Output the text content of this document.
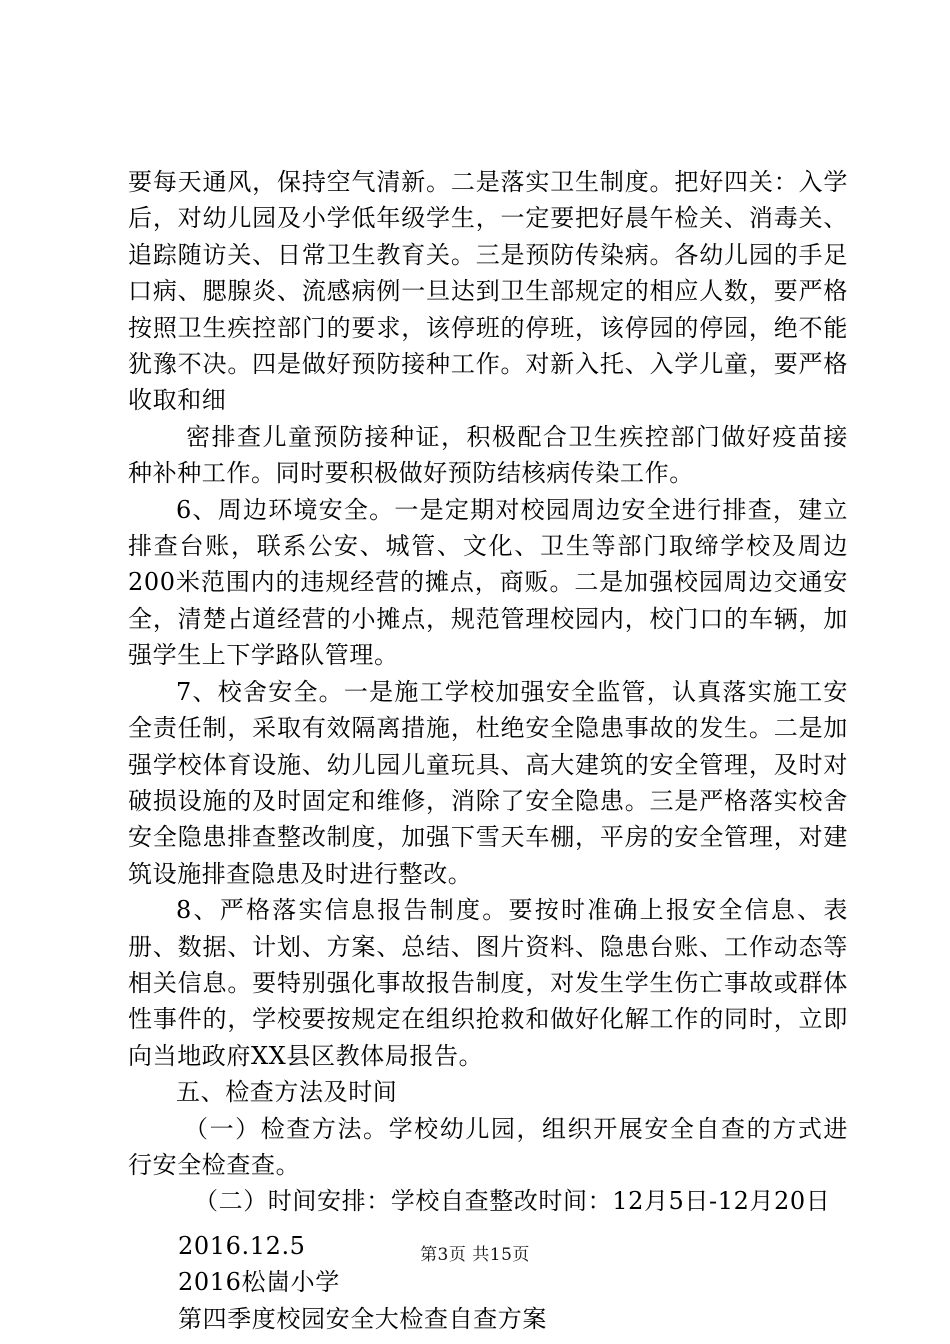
要每天通风，保持空气清新。二是落实卫生制度。把好四关：入学后，对幼儿园及小学低年级学生，一定要把好晨午检关、消毒关、追踪随访关、日常卫生教育关。三是预防传染病。各幼儿园的手足口病、腮腺炎、流感病例一旦达到卫生部规定的相应人数，要严格按照卫生疾控部门的要求，该停班的停班，该停园的停园，绝不能犹豫不决。四是做好预防接种工作。对新入托、入学儿童，要严格收取和细

密排查儿童预防接种证，积极配合卫生疾控部门做好疫苗接种补种工作。同时要积极做好预防结核病传染工作。

6、周边环境安全。一是定期对校园周边安全进行排查，建立排查台账，联系公安、城管、文化、卫生等部门取缔学校及周边200米范围内的违规经营的摊点，商贩。二是加强校园周边交通安全，清楚占道经营的小摊点，规范管理校园内，校门口的车辆，加强学生上下学路队管理。

7、校舍安全。一是施工学校加强安全监管，认真落实施工安全责任制，采取有效隔离措施，杜绝安全隐患事故的发生。二是加强学校体育设施、幼儿园儿童玩具、高大建筑的安全管理，及时对破损设施的及时固定和维修，消除了安全隐患。三是严格落实校舍安全隐患排查整改制度，加强下雪天车棚，平房的安全管理，对建筑设施排查隐患及时进行整改。

8、严格落实信息报告制度。要按时准确上报安全信息、表册、数据、计划、方案、总结、图片资料、隐患台账、工作动态等相关信息。要特别强化事故报告制度，对发生学生伤亡事故或群体性事件的，学校要按规定在组织抢救和做好化解工作的同时，立即向当地政府XX县区教体局报告。

五、检查方法及时间

（一）检查方法。学校幼儿园，组织开展安全自查的方式进行安全检查查。

（二）时间安排：学校自查整改时间：12月5日-12月20日

2016.12.5
2016松崮小学
第四季度校园安全大检查自查方案
第3页 共15页
